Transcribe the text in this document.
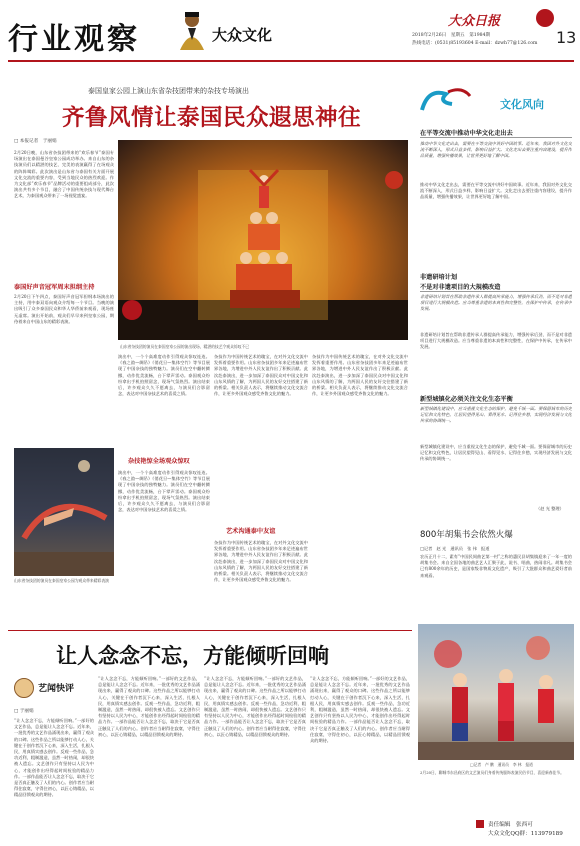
行业观察	大众文化
大众日报
2018年2月26日　星期五　第1984期
热线电话：(0531)85193604 E-mail：dzwh77@126.com 13
泰国皇家公园上演山东省杂技团带来的杂技专场演出
齐鲁风情让泰国民众遐思神往
□ 本报记者　于丽娟
2月20日晚，山东省杂技团带来的“欢乐春节”泰国专场演出在泰国曼谷皇家公园成功举办。来自山东的杂技演员们以精湛的技艺、完美的表演赢得了在场观众的阵阵喝彩。此次演出是山东省与泰国有关方面开展文化交流的重要内容，受到当地民众的热烈欢迎。作为文化部“欢乐春节”品牌活动的重要组成部分，此次演出共有多个节目，融合了中国传统杂技与现代舞台艺术，为泰国观众带来了一场视觉盛宴。
泰国好声音冠军周末担纲主持
2月20日下午四点，泰国好声音冠军担纲本场演出的主持，用中泰双语向观众介绍每一个节目。当晚的演出吸引了众多泰国民众和华人华侨前来观看，现场座无虚席。演出开始前，观众们早早来到皇家公园，期待着来自中国山东的精彩表演。
山东省杂技团的演员在泰国皇家公园为观众带来精彩表演
山东省杂技团的演员在泰国皇家公园的演出现场，精湛的技艺令观众惊叹不已
演出中，一个个高难度动作引得观众惊叹连连。《春之韵—绸吊》《俏花旦—集体空竹》等节目展现了中国杂技的独特魅力。演员们在空中翻转腾挪，动作优美流畅，台下掌声雷动。泰国观众纷纷拿出手机拍照留念，现场气氛热烈。演出结束后，许多观众久久不愿离去，与演员们合影留念，表达对中国杂技艺术的喜爱之情。
杂技艳惊全场观众惊叹
演出中，一个个高难度动作引得观众惊叹连连。《春之韵—绸吊》《俏花旦—集体空竹》等节目展现了中国杂技的独特魅力。演员们在空中翻转腾挪，动作优美流畅，台下掌声雷动。泰国观众纷纷拿出手机拍照留念，现场气氛热烈。演出结束后，许多观众久久不愿离去，与演员们合影留念，表达对中国杂技艺术的喜爱之情。
杂技作为中国传统艺术的瑰宝，在对外文化交流中发挥着重要作用。山东省杂技团多年来足迹遍布世界各地，为增进中外人民友谊作出了积极贡献。此次赴泰演出，进一步加深了泰国民众对中国文化和山东风情的了解，为两国人民的友好交往搭建了新的桥梁。相关负责人表示，将继续推动文化交流合作，让更多外国观众感受齐鲁文化的魅力。
艺术沟通泰中友谊
杂技作为中国传统艺术的瑰宝，在对外文化交流中发挥着重要作用。山东省杂技团多年来足迹遍布世界各地，为增进中外人民友谊作出了积极贡献。此次赴泰演出，进一步加深了泰国民众对中国文化和山东风情的了解，为两国人民的友好交往搭建了新的桥梁。相关负责人表示，将继续推动文化交流合作，让更多外国观众感受齐鲁文化的魅力。
杂技作为中国传统艺术的瑰宝，在对外文化交流中发挥着重要作用。山东省杂技团多年来足迹遍布世界各地，为增进中外人民友谊作出了积极贡献。此次赴泰演出，进一步加深了泰国民众对中国文化和山东风情的了解，为两国人民的友好交往搭建了新的桥梁。相关负责人表示，将继续推动文化交流合作，让更多外国观众感受齐鲁文化的魅力。
文化风向
在平等交流中推动中华文化走出去
推动中华文化走出去，需要在平等交流中讲好中国故事。近年来，我国对外文化交流不断深入，形式日益多样，影响日益扩大。文化走出去要注重内容建设，提升作品质量，增强传播效果，让世界更好地了解中国。
推动中华文化走出去，需要在平等交流中讲好中国故事。近年来，我国对外文化交流不断深入，形式日益多样，影响日益扩大。文化走出去要注重内容建设，提升作品质量，增强传播效果，让世界更好地了解中国。
非遗研培计划
不是对非遗项目的大規模改造
非遗研培计划旨在帮助非遗传承人群提高传承能力，增强传承后劲，而不是对非遗项目进行大规模改造。应当尊重非遗的本真性和完整性，在保护中传承，在传承中发展。
非遗研培计划旨在帮助非遗传承人群提高传承能力，增强传承后劲，而不是对非遗项目进行大规模改造。应当尊重非遗的本真性和完整性，在保护中传承，在传承中发展。
新型城镇化必须关注文化生态平衡
新型城镇化建设中，应当重视文化生态的保护，避免千城一面。要保留城市的历史记忆和文化特色，让居民望得见山、看得见水、记得住乡愁，实现经济发展与文化传承的协调统一。
新型城镇化建设中，应当重视文化生态的保护，避免千城一面。要保留城市的历史记忆和文化特色，让居民望得见山、看得见水、记得住乡愁，实现经济发展与文化传承的协调统一。
（赵 光 整理）
800年胡集书会依然火爆
□记者　赵 光　通讯员　张 伟　报道
农历正月十二，素有“中国民间曲艺第一村”之称的惠民县胡集镇迎来了一年一度的胡集书会。来自全国各地的曲艺艺人汇聚于此，说书、唱曲，热闹非凡。胡集书会已有800余年的历史，是国家级非物质文化遗产，吸引了大批群众和曲艺爱好者前来观看。
□记者　卢 鹏　通讯员　李 林　报道
2月20日，聊城市东昌府区的文艺演员们身着传统服饰表演民俗节目，喜迎新春佳节。
让人念念不忘，方能倾听回响
艺闻快评
□ 于丽娟
“让人念念不忘，方能倾听回响。”一部好的文艺作品，总是能让人念念不忘。近年来，一批优秀的文艺作品涌现出来，赢得了观众的口碑。这些作品之所以能够打动人心，关键在于创作者沉下心来，深入生活，扎根人民，用真情实感去创作。反观一些作品，急功近利，粗制滥造，虽然一时热闹，却很快被人遗忘。文艺创作只有坚持以人民为中心，才能创作出经得起时间检验的精品力作。一部作品能否让人念念不忘，取决于它是否真正触及了人们的内心。创作者应当耐得住寂寞，守得住初心，以匠心铸精品，以精品回馈观众的期待。
“让人念念不忘，方能倾听回响。”一部好的文艺作品，总是能让人念念不忘。近年来，一批优秀的文艺作品涌现出来，赢得了观众的口碑。这些作品之所以能够打动人心，关键在于创作者沉下心来，深入生活，扎根人民，用真情实感去创作。反观一些作品，急功近利，粗制滥造，虽然一时热闹，却很快被人遗忘。文艺创作只有坚持以人民为中心，才能创作出经得起时间检验的精品力作。一部作品能否让人念念不忘，取决于它是否真正触及了人们的内心。创作者应当耐得住寂寞，守得住初心，以匠心铸精品，以精品回馈观众的期待。
“让人念念不忘，方能倾听回响。”一部好的文艺作品，总是能让人念念不忘。近年来，一批优秀的文艺作品涌现出来，赢得了观众的口碑。这些作品之所以能够打动人心，关键在于创作者沉下心来，深入生活，扎根人民，用真情实感去创作。反观一些作品，急功近利，粗制滥造，虽然一时热闹，却很快被人遗忘。文艺创作只有坚持以人民为中心，才能创作出经得起时间检验的精品力作。一部作品能否让人念念不忘，取决于它是否真正触及了人们的内心。创作者应当耐得住寂寞，守得住初心，以匠心铸精品，以精品回馈观众的期待。
“让人念念不忘，方能倾听回响。”一部好的文艺作品，总是能让人念念不忘。近年来，一批优秀的文艺作品涌现出来，赢得了观众的口碑。这些作品之所以能够打动人心，关键在于创作者沉下心来，深入生活，扎根人民，用真情实感去创作。反观一些作品，急功近利，粗制滥造，虽然一时热闹，却很快被人遗忘。文艺创作只有坚持以人民为中心，才能创作出经得起时间检验的精品力作。一部作品能否让人念念不忘，取决于它是否真正触及了人们的内心。创作者应当耐得住寂寞，守得住初心，以匠心铸精品，以精品回馈观众的期待。
责任编辑　张西可
大众文化QQ群：113979189
